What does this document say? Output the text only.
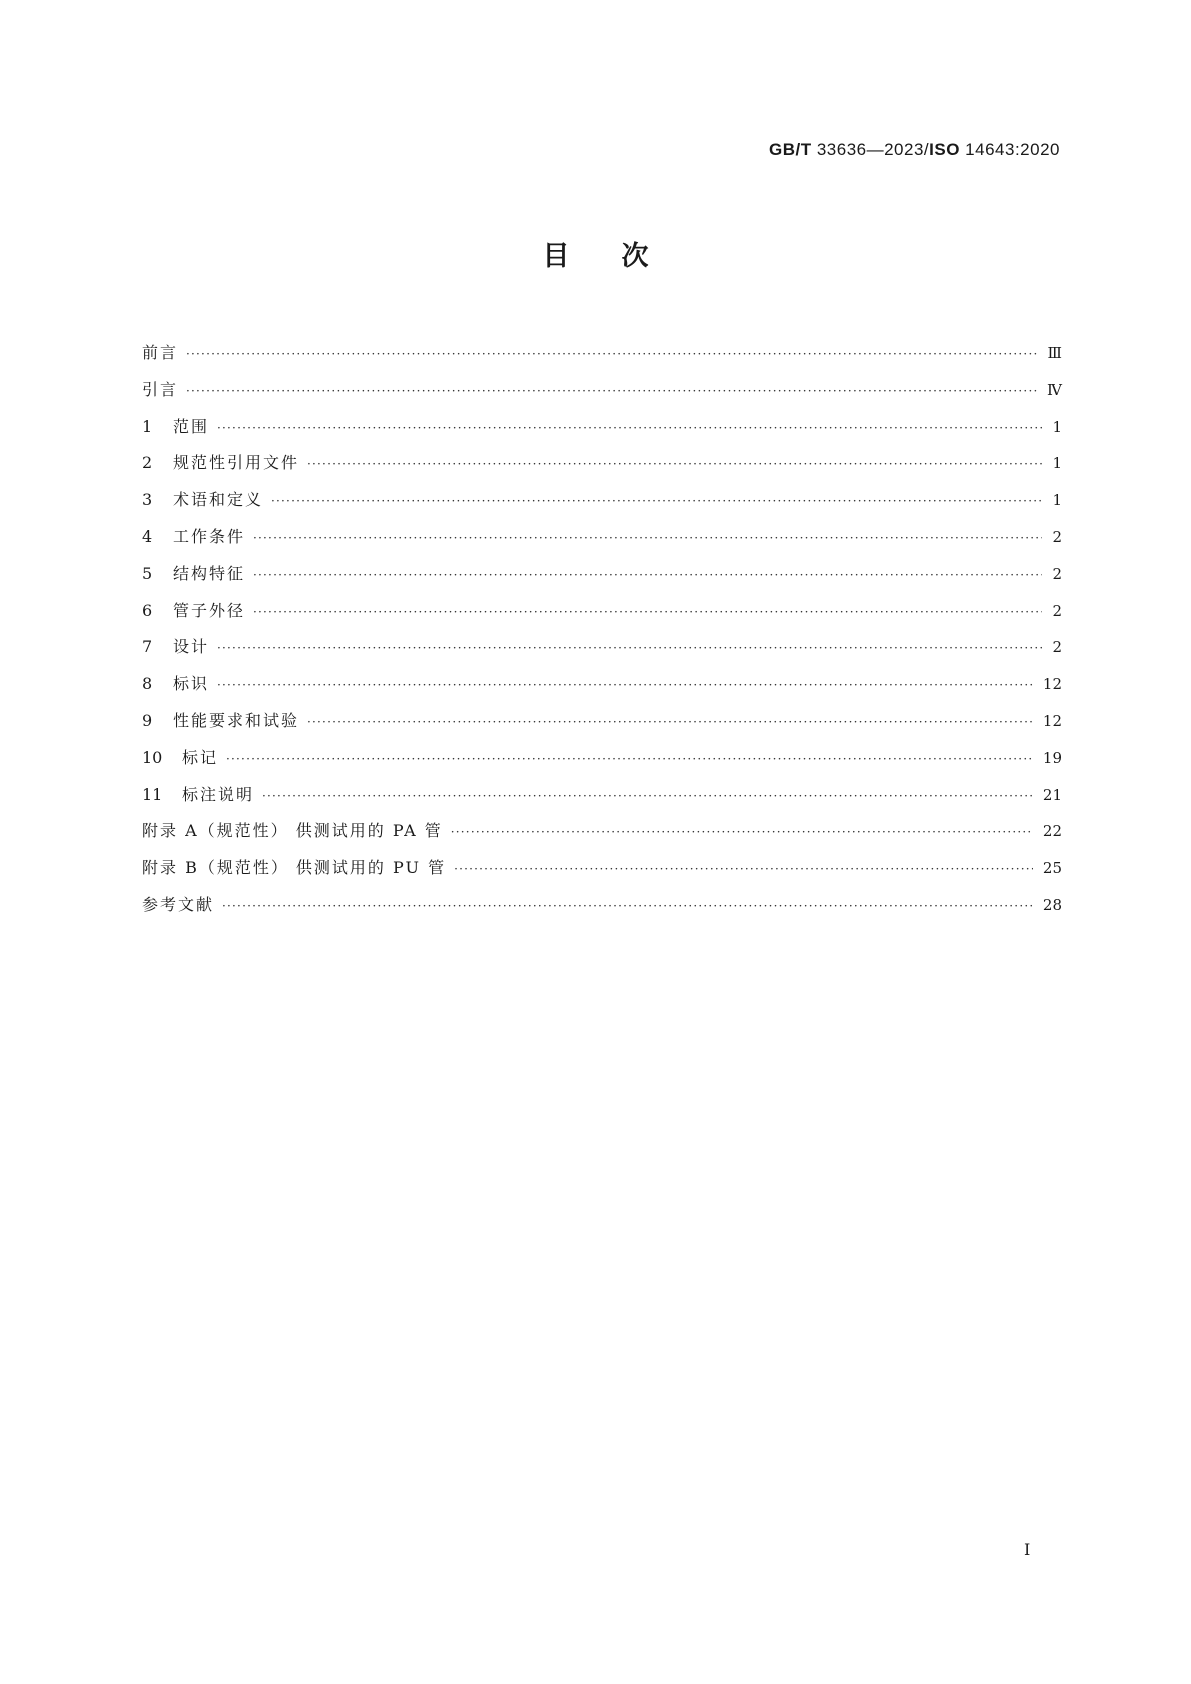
GB/T 33636—2023/ISO 14643:2020
目次
前言 ·····	Ⅲ
引言 ·····	Ⅳ
1	范围 ·····	1
2	规范性引用文件 ·····	1
3	术语和定义 ·····	1
4	工作条件 ·····	2
5	结构特征 ·····	2
6	管子外径 ·····	2
7	设计 ·····	2
8	标识 ·····	12
9	性能要求和试验 ·····	12
10	标记 ·····	19
11	标注说明 ·····	21
附录 A（规范性） 供测试用的 PA 管 ·····	22
附录 B（规范性） 供测试用的 PU 管 ·····	25
参考文献 ·····	28
Ⅰ
